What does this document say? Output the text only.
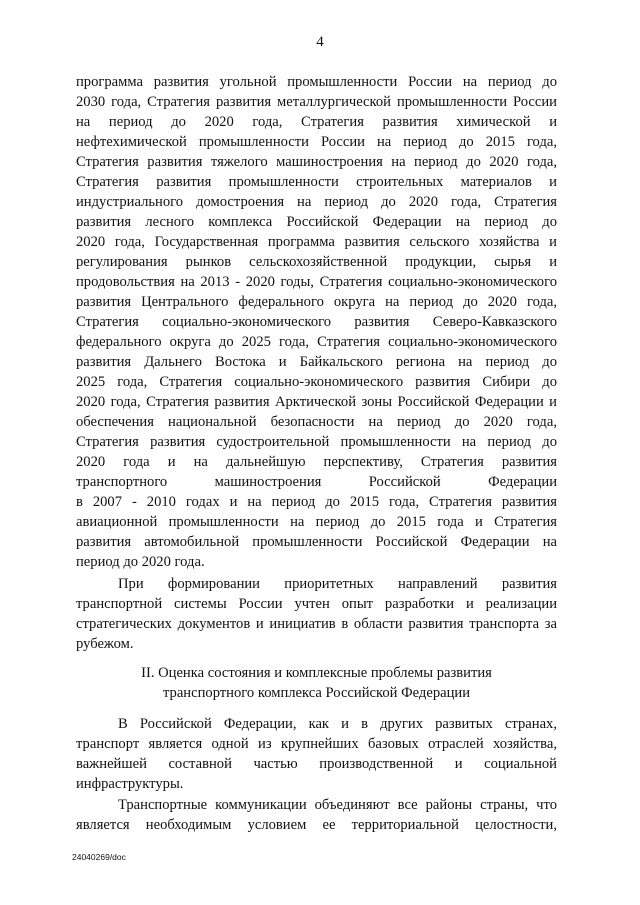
4
программа развития угольной промышленности России на период до
2030 года, Стратегия развития металлургической промышленности России
на период до 2020 года, Стратегия развития химической и
нефтехимической промышленности России на период до 2015 года,
Стратегия развития тяжелого машиностроения на период до 2020 года,
Стратегия развития промышленности строительных материалов и
индустриального домостроения на период до 2020 года, Стратегия
развития лесного комплекса Российской Федерации на период до
2020 года, Государственная программа развития сельского хозяйства и
регулирования рынков сельскохозяйственной продукции, сырья и
продовольствия на 2013 - 2020 годы, Стратегия социально-экономического
развития Центрального федерального округа на период до 2020 года,
Стратегия социально-экономического развития Северо-Кавказского
федерального округа до 2025 года, Стратегия социально-экономического
развития Дальнего Востока и Байкальского региона на период до
2025 года, Стратегия социально-экономического развития Сибири до
2020 года, Стратегия развития Арктической зоны Российской Федерации и
обеспечения национальной безопасности на период до 2020 года,
Стратегия развития судостроительной промышленности на период до
2020 года и на дальнейшую перспективу, Стратегия развития
транспортного машиностроения Российской Федерации
в 2007 - 2010 годах и на период до 2015 года, Стратегия развития
авиационной промышленности на период до 2015 года и Стратегия
развития автомобильной промышленности Российской Федерации на
период до 2020 года.
При формировании приоритетных направлений развития
транспортной системы России учтен опыт разработки и реализации
стратегических документов и инициатив в области развития транспорта за
рубежом.
II. Оценка состояния и комплексные проблемы развития
транспортного комплекса Российской Федерации
В Российской Федерации, как и в других развитых странах,
транспорт является одной из крупнейших базовых отраслей хозяйства,
важнейшей составной частью производственной и социальной
инфраструктуры.
Транспортные коммуникации объединяют все районы страны, что
является необходимым условием ее территориальной целостности,
24040269/doc
